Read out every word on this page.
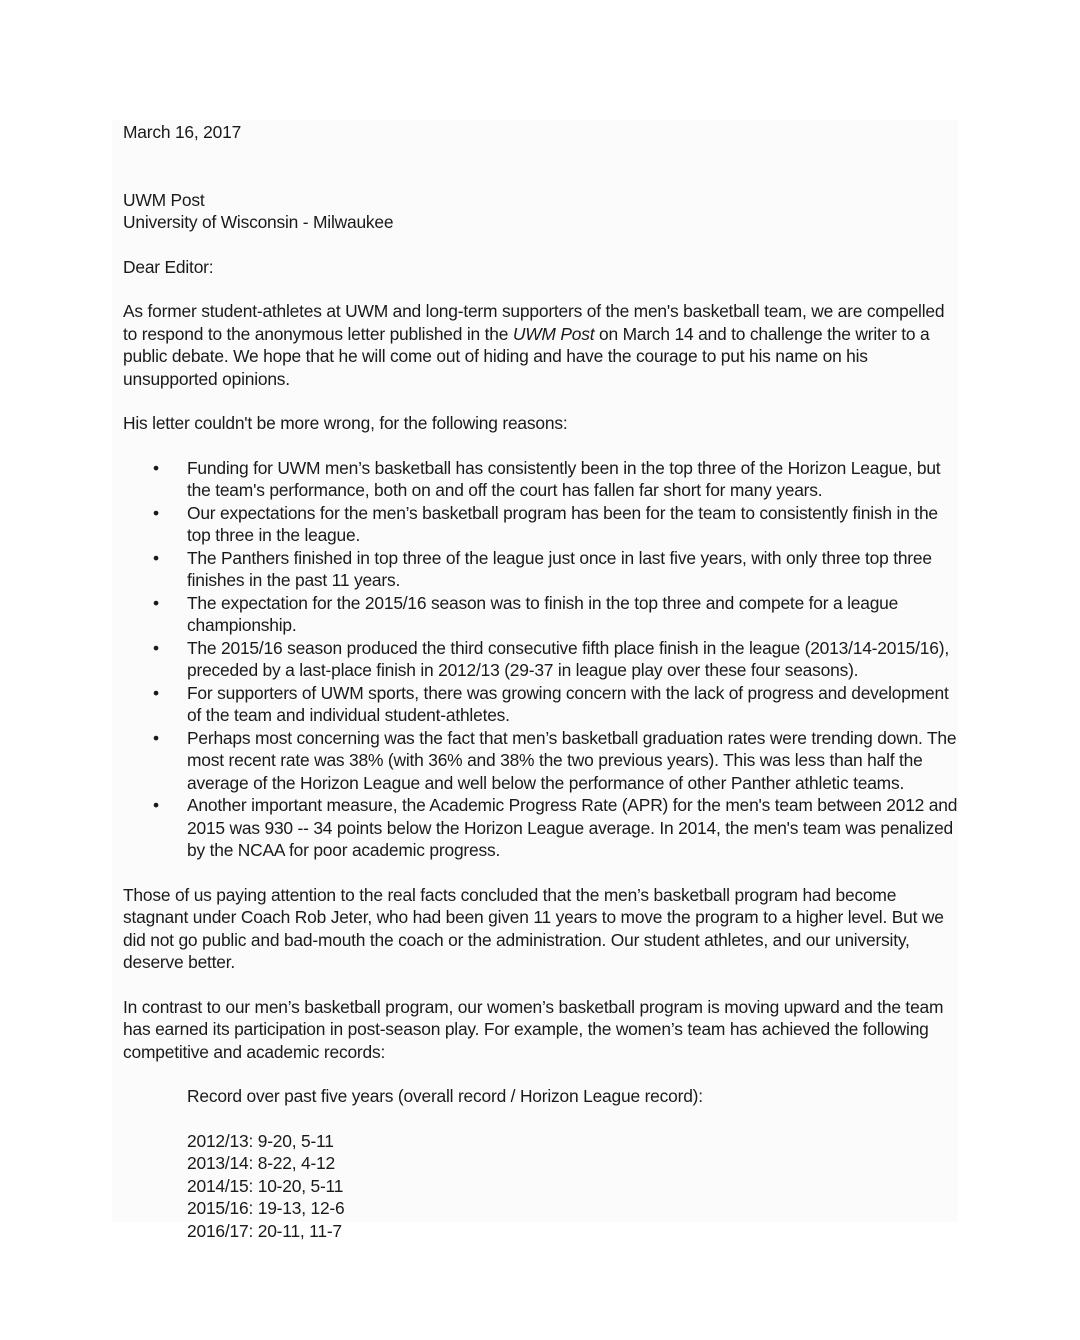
March 16, 2017

UWM Post

University of Wisconsin - Milwaukee

Dear Editor:

As former student-athletes at UWM and long-term supporters of the men's basketball team, we are compelled to respond to the anonymous letter published in the UWM Post on March 14 and to challenge the writer to a public debate. We hope that he will come out of hiding and have the courage to put his name on his unsupported opinions.

His letter couldn't be more wrong, for the following reasons:

• Funding for UWM men’s basketball has consistently been in the top three of the Horizon League, but the team's performance, both on and off the court has fallen far short for many years.
• Our expectations for the men’s basketball program has been for the team to consistently finish in the top three in the league.
• The Panthers finished in top three of the league just once in last five years, with only three top three finishes in the past 11 years.
• The expectation for the 2015/16 season was to finish in the top three and compete for a league championship.
• The 2015/16 season produced the third consecutive fifth place finish in the league (2013/14-2015/16), preceded by a last-place finish in 2012/13 (29-37 in league play over these four seasons).
• For supporters of UWM sports, there was growing concern with the lack of progress and development of the team and individual student-athletes.
• Perhaps most concerning was the fact that men’s basketball graduation rates were trending down. The most recent rate was 38% (with 36% and 38% the two previous years). This was less than half the average of the Horizon League and well below the performance of other Panther athletic teams.
• Another important measure, the Academic Progress Rate (APR) for the men's team between 2012 and 2015 was 930 -- 34 points below the Horizon League average. In 2014, the men's team was penalized by the NCAA for poor academic progress.

Those of us paying attention to the real facts concluded that the men’s basketball program had become stagnant under Coach Rob Jeter, who had been given 11 years to move the program to a higher level. But we did not go public and bad-mouth the coach or the administration. Our student athletes, and our university, deserve better.

In contrast to our men’s basketball program, our women’s basketball program is moving upward and the team has earned its participation in post-season play. For example, the women’s team has achieved the following competitive and academic records:

Record over past five years (overall record / Horizon League record):

2012/13: 9-20, 5-11
2013/14: 8-22, 4-12
2014/15: 10-20, 5-11
2015/16: 19-13, 12-6
2016/17: 20-11, 11-7
